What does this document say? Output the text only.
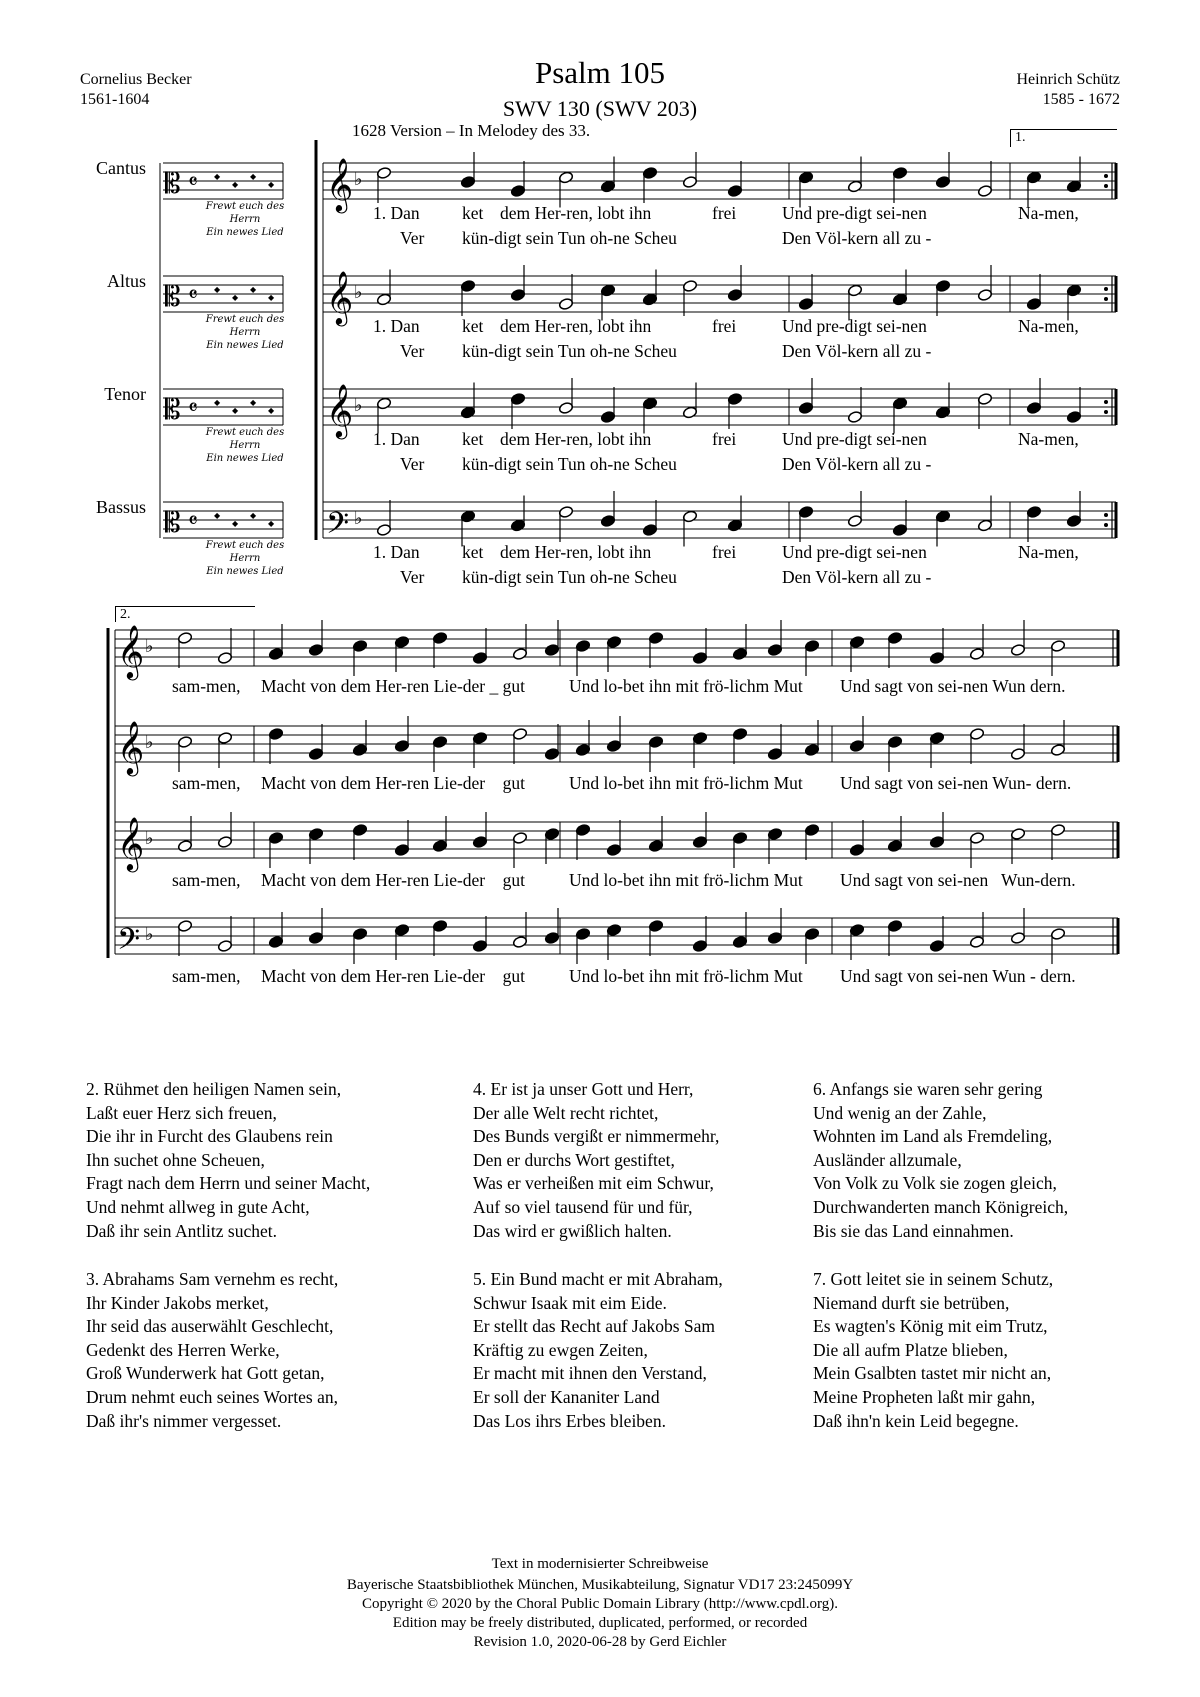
Cornelius Becker
1561-1604
Psalm 105
SWV 130 (SWV 203)
Heinrich Schütz
1585 - 1672
1628 Version – In Melodey des 33.	1.
2.
Cantus
Altus
Tenor
Bassus
Frewt euch des Herrn
Ein newes Lied
Frewt euch des Herrn
Ein newes Lied
Frewt euch des Herrn
Ein newes Lied
Frewt euch des Herrn
Ein newes Lied
𝄡 𝄴 ◆
◆
◆
◆ 𝄞 ♭
𝄡 𝄴 ◆
◆
◆
◆ 𝄞 ♭
𝄡 𝄴 ◆
◆
◆
◆ 𝄞 ♭
𝄡 𝄴 ◆
◆
◆
◆ 𝄢 ♭
𝄞 ♭
𝄞 ♭
𝄞 ♭
𝄢 ♭
1. Dan ket dem Her-ren, lobt ihn	frei	Und pre-digt sei-nen	Na-men,
Ver kün-digt sein Tun oh-ne Scheu	Den Völ-kern all zu -
1. Dan ket dem Her-ren, lobt ihn	frei	Und pre-digt sei-nen	Na-men,
Ver kün-digt sein Tun oh-ne Scheu	Den Völ-kern all zu -
1. Dan ket dem Her-ren, lobt ihn	frei	Und pre-digt sei-nen	Na-men,
Ver kün-digt sein Tun oh-ne Scheu	Den Völ-kern all zu -
1. Dan ket dem Her-ren, lobt ihn	frei	Und pre-digt sei-nen	Na-men,
Ver kün-digt sein Tun oh-ne Scheu	Den Völ-kern all zu -
sam-men, Macht von dem Her-ren Lie-der _ gut	Und lo-bet ihn mit frö-lichm Mut Und sagt von sei-nen Wun dern.
sam-men, Macht von dem Her-ren Lie-der    gut	Und lo-bet ihn mit frö-lichm Mut Und sagt von sei-nen Wun- dern.
sam-men, Macht von dem Her-ren Lie-der    gut	Und lo-bet ihn mit frö-lichm Mut Und sagt von sei-nen   Wun-dern.
sam-men, Macht von dem Her-ren Lie-der    gut	Und lo-bet ihn mit frö-lichm Mut Und sagt von sei-nen Wun - dern.
2. Rühmet den heiligen Namen sein,
Laßt euer Herz sich freuen,
Die ihr in Furcht des Glaubens rein
Ihn suchet ohne Scheuen,
Fragt nach dem Herrn und seiner Macht,
Und nehmt allweg in gute Acht,
Daß ihr sein Antlitz suchet.
4. Er ist ja unser Gott und Herr,
Der alle Welt recht richtet,
Des Bunds vergißt er nimmermehr,
Den er durchs Wort gestiftet,
Was er verheißen mit eim Schwur,
Auf so viel tausend für und für,
Das wird er gwißlich halten.
6. Anfangs sie waren sehr gering
Und wenig an der Zahle,
Wohnten im Land als Fremdeling,
Ausländer allzumale,
Von Volk zu Volk sie zogen gleich,
Durchwanderten manch Königreich,
Bis sie das Land einnahmen.
3. Abrahams Sam vernehm es recht,
Ihr Kinder Jakobs merket,
Ihr seid das auserwählt Geschlecht,
Gedenkt des Herren Werke,
Groß Wunderwerk hat Gott getan,
Drum nehmt euch seines Wortes an,
Daß ihr's nimmer vergesset.
5. Ein Bund macht er mit Abraham,
Schwur Isaak mit eim Eide.
Er stellt das Recht auf Jakobs Sam
Kräftig zu ewgen Zeiten,
Er macht mit ihnen den Verstand,
Er soll der Kananiter Land
Das Los ihrs Erbes bleiben.
7. Gott leitet sie in seinem Schutz,
Niemand durft sie betrüben,
Es wagten's König mit eim Trutz,
Die all aufm Platze blieben,
Mein Gsalbten tastet mir nicht an,
Meine Propheten laßt mir gahn,
Daß ihn'n kein Leid begegne.
Text in modernisierter Schreibweise
Bayerische Staatsbibliothek München, Musikabteilung, Signatur VD17 23:245099Y
Copyright © 2020 by the Choral Public Domain Library (http://www.cpdl.org).
Edition may be freely distributed, duplicated, performed, or recorded
Revision 1.0, 2020-06-28 by Gerd Eichler
